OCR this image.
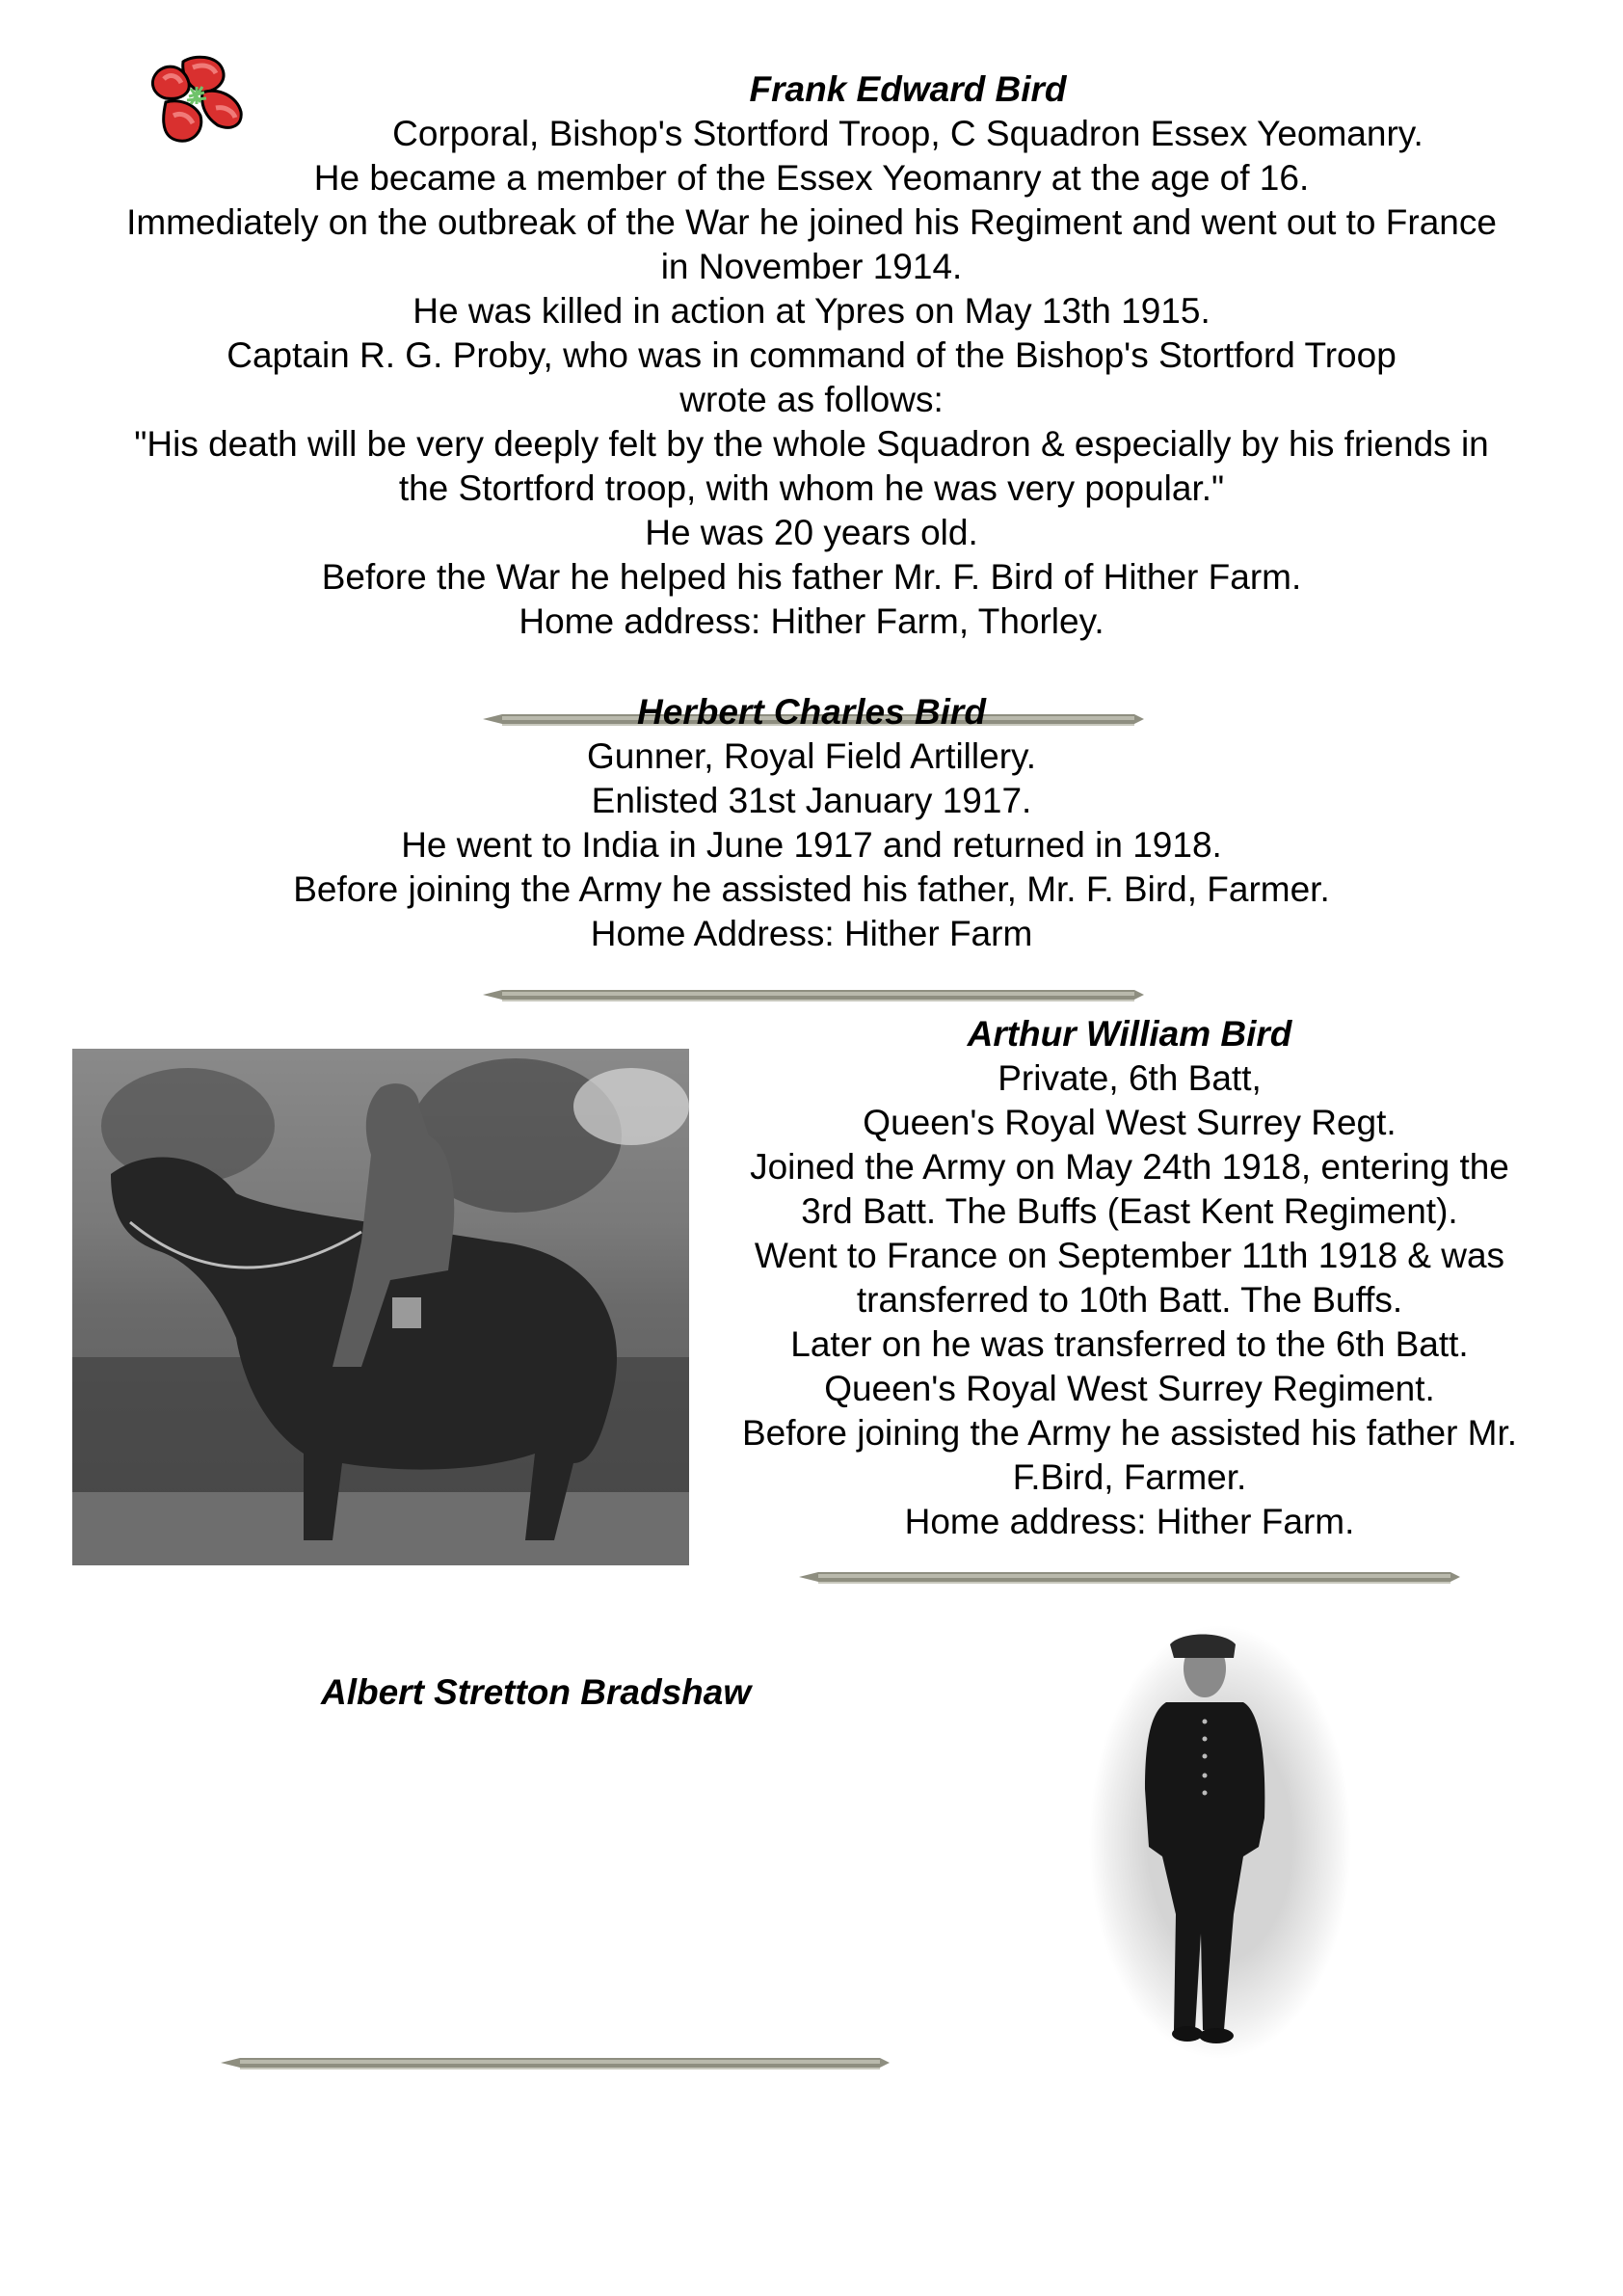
Frank Edward Bird
Corporal, Bishop's Stortford Troop, C Squadron Essex Yeomanry.
He became a member of the Essex Yeomanry at the age of 16.
Immediately on the outbreak of the War he joined his Regiment and went out to France
in November 1914.
He was killed in action at Ypres on May 13th 1915.
Captain R. G. Proby, who was in command of the Bishop's Stortford Troop
wrote as follows:
"His death will be very deeply felt by the whole Squadron & especially by his friends in
the Stortford troop, with whom he was very popular."
He was 20 years old.
Before the War he helped his father Mr. F. Bird of Hither Farm.
Home address: Hither Farm, Thorley.
Herbert Charles Bird
Gunner, Royal Field Artillery.
Enlisted 31st January 1917.
He went to India in June 1917 and returned in 1918.
Before joining the Army he assisted his father, Mr. F. Bird, Farmer.
Home Address: Hither Farm
Arthur William Bird
Private, 6th Batt,
Queen's Royal West Surrey Regt.
Joined the Army on May 24th 1918, entering the
3rd Batt. The Buffs (East Kent Regiment).
Went to France on September 11th 1918 & was
transferred to 10th Batt. The Buffs.
Later on he was transferred to the 6th Batt.
Queen's Royal West Surrey Regiment.
Before joining the Army he assisted his father Mr.
F.Bird, Farmer.
Home address: Hither Farm.
Albert Stretton Bradshaw
